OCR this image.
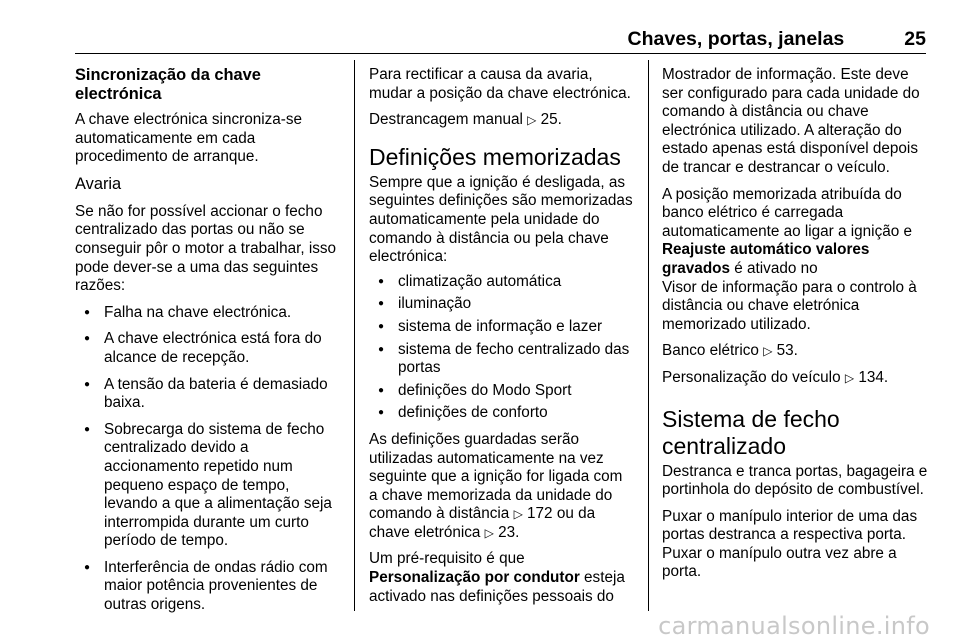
Chaves, portas, janelas	25
Sincronização da chave electrónica

A chave electrónica sincroniza-se automaticamente em cada procedimento de arranque.

Avaria

Se não for possível accionar o fecho centralizado das portas ou não se conseguir pôr o motor a trabalhar, isso pode dever-se a uma das seguintes razões:

● Falha na chave electrónica.
● A chave electrónica está fora do alcance de recepção.
● A tensão da bateria é demasiado baixa.
● Sobrecarga do sistema de fecho centralizado devido a accionamento repetido num pequeno espaço de tempo, levando a que a alimentação seja interrompida durante um curto período de tempo.
● Interferência de ondas rádio com maior potência provenientes de outras origens.

Para rectificar a causa da avaria, mudar a posição da chave electrónica.

Destrancagem manual ▷ 25.

Definições memorizadas

Sempre que a ignição é desligada, as seguintes definições são memorizadas automaticamente pela unidade do comando à distância ou pela chave electrónica:

● climatização automática
● iluminação
● sistema de informação e lazer
● sistema de fecho centralizado das portas
● definições do Modo Sport
● definições de conforto

As definições guardadas serão utilizadas automaticamente na vez seguinte que a ignição for ligada com a chave memorizada da unidade do comando à distância ▷ 172 ou da chave eletrónica ▷ 23.

Um pré-requisito é que Personalização por condutor esteja activado nas definições pessoais do

Mostrador de informação. Este deve ser configurado para cada unidade do comando à distância ou chave electrónica utilizado. A alteração do estado apenas está disponível depois de trancar e destrancar o veículo.

A posição memorizada atribuída do banco elétrico é carregada automaticamente ao ligar a ignição e Reajuste automático valores gravados é ativado no
Visor de informação para o controlo à distância ou chave eletrónica memorizado utilizado.

Banco elétrico ▷ 53.

Personalização do veículo ▷ 134.

Sistema de fecho centralizado

Destranca e tranca portas, bagageira e portinhola do depósito de combustível.

Puxar o manípulo interior de uma das portas destranca a respectiva porta. Puxar o manípulo outra vez abre a porta.

carmanualsonline.info
